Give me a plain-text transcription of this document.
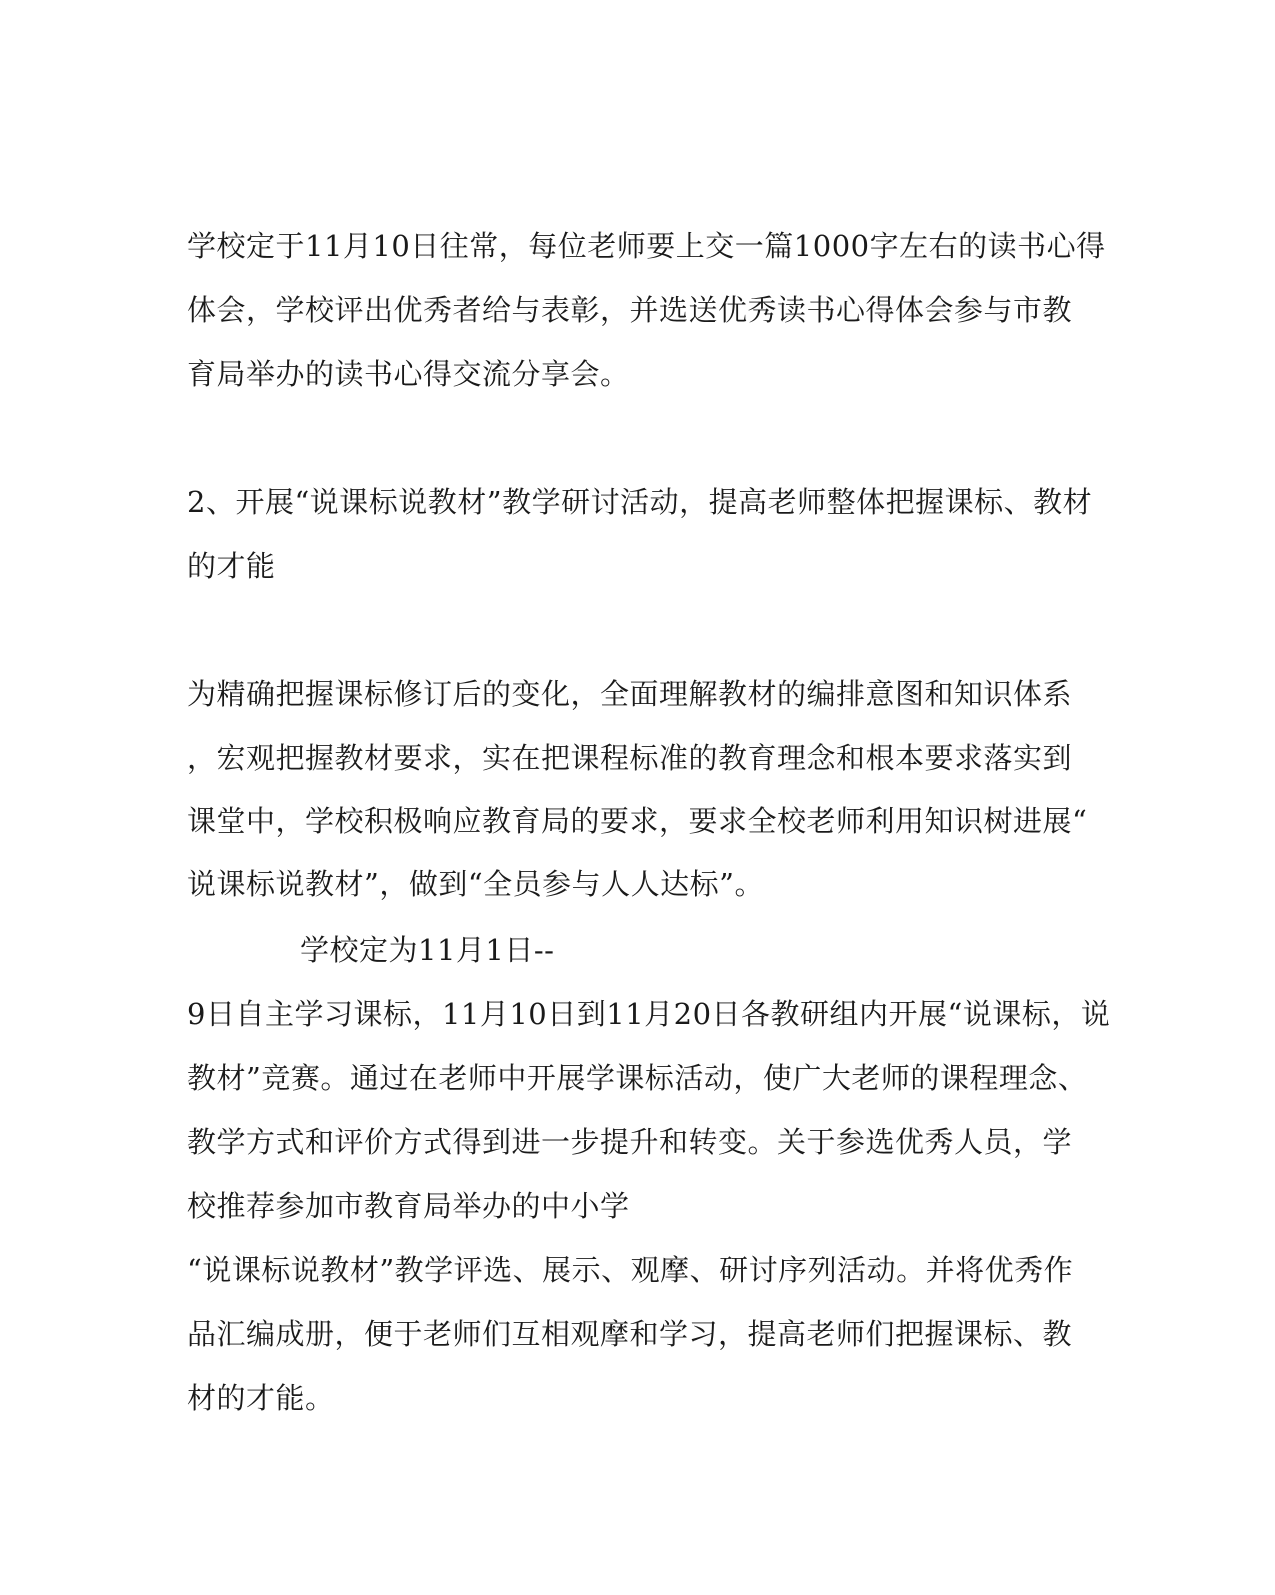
学校定于11月10日往常，每位老师要上交一篇1000字左右的读书心得
体会，学校评出优秀者给与表彰，并选送优秀读书心得体会参与市教
育局举办的读书心得交流分享会。
2、开展“说课标说教材”教学研讨活动，提高老师整体把握课标、教材
的才能
为精确把握课标修订后的变化，全面理解教材的编排意图和知识体系
，宏观把握教材要求，实在把课程标准的教育理念和根本要求落实到
课堂中，学校积极响应教育局的要求，要求全校老师利用知识树进展“
说课标说教材”，做到“全员参与人人达标”。
学校定为11月1日--
9日自主学习课标，11月10日到11月20日各教研组内开展“说课标，说
教材”竞赛。通过在老师中开展学课标活动，使广大老师的课程理念、
教学方式和评价方式得到进一步提升和转变。关于参选优秀人员，学
校推荐参加市教育局举办的中小学
“说课标说教材”教学评选、展示、观摩、研讨序列活动。并将优秀作
品汇编成册，便于老师们互相观摩和学习，提高老师们把握课标、教
材的才能。
